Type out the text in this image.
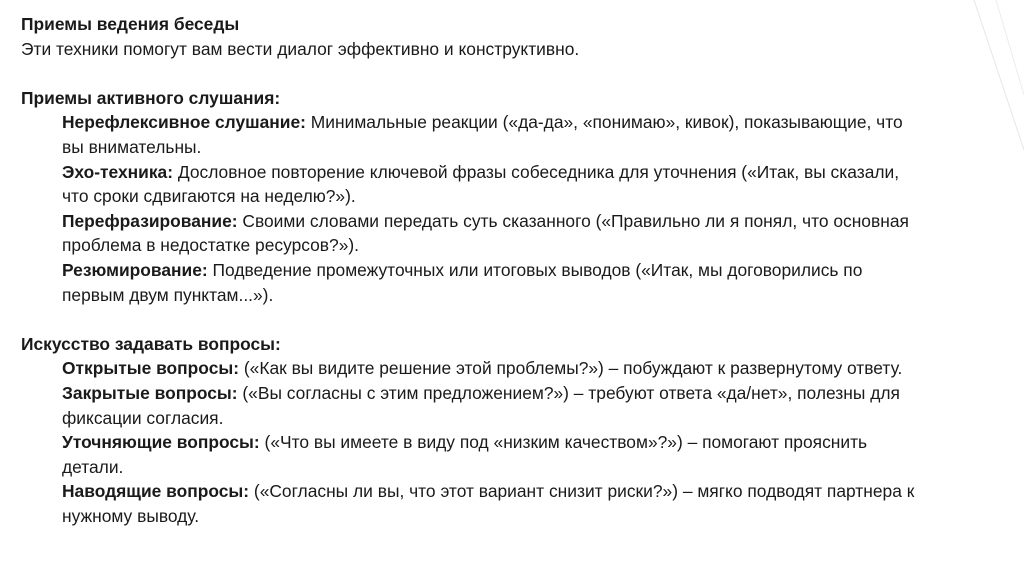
Приемы ведения беседы

Эти техники помогут вам вести диалог эффективно и конструктивно.

Приемы активного слушания:

Нерефлексивное слушание: Минимальные реакции («да-да», «понимаю», кивок), показывающие, что вы внимательны.

Эхо-техника: Дословное повторение ключевой фразы собеседника для уточнения («Итак, вы сказали, что сроки сдвигаются на неделю?»).

Перефразирование: Своими словами передать суть сказанного («Правильно ли я понял, что основная проблема в недостатке ресурсов?»).

Резюмирование: Подведение промежуточных или итоговых выводов («Итак, мы договорились по первым двум пунктам...»).

Искусство задавать вопросы:

Открытые вопросы: («Как вы видите решение этой проблемы?») – побуждают к развернутому ответу.

Закрытые вопросы: («Вы согласны с этим предложением?») – требуют ответа «да/нет», полезны для фиксации согласия.

Уточняющие вопросы: («Что вы имеете в виду под «низким качеством»?») – помогают прояснить детали.

Наводящие вопросы: («Согласны ли вы, что этот вариант снизит риски?») – мягко подводят партнера к нужному выводу.
